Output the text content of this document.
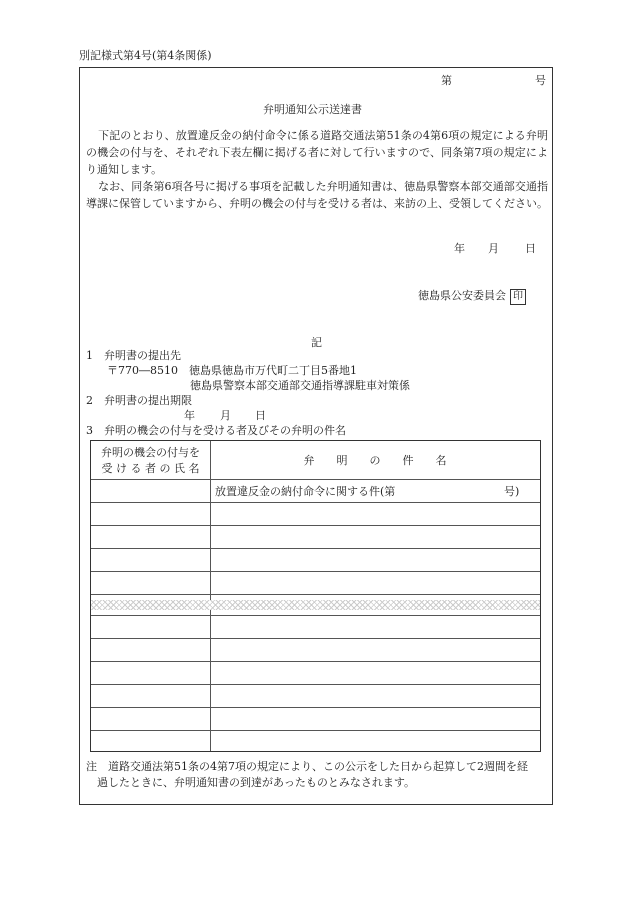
別記様式第4号(第4条関係)
第	号
弁明通知公示送達書
下記のとおり、放置違反金の納付命令に係る道路交通法第51条の4第6項の規定による弁明の機会の付与を、それぞれ下表左欄に掲げる者に対して行いますので、同条第7項の規定により通知します。
なお、同条第6項各号に掲げる事項を記載した弁明通知書は、徳島県警察本部交通部交通指導課に保管していますから、弁明の機会の付与を受ける者は、来訪の上、受領してください。
年 月 日
徳島県公安委員会 印
記
1　弁明書の提出先
〒770―8510　徳島県徳島市万代町二丁目5番地1
徳島県警察本部交通部交通指導課駐車対策係
2　弁明書の提出期限
年 月 日
3　弁明の機会の付与を受ける者及びその弁明の件名
弁明の機会の付与を
受 け る 者 の 氏 名
弁　　明　　の　　件　　名
放置違反金の納付命令に関する件(第	号)
注　道路交通法第51条の4第7項の規定により、この公示をした日から起算して2週間を経
過したときに、弁明通知書の到達があったものとみなされます。
